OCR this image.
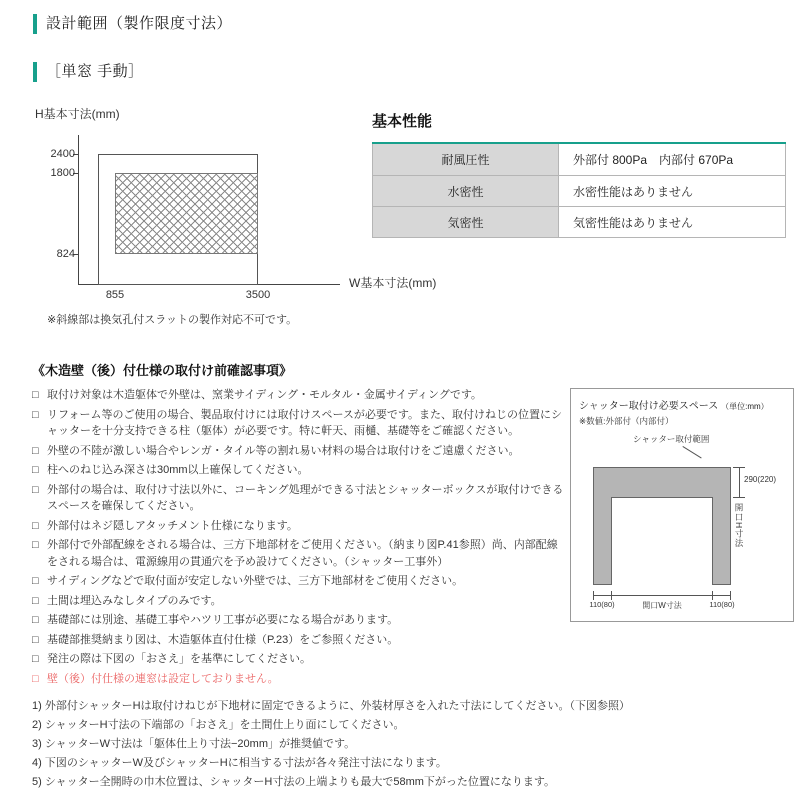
設計範囲（製作限度寸法）
［単窓 手動］
H基本寸法(mm)
2400
1800
824
855	3500
W基本寸法(mm)
※斜線部は換気孔付スラットの製作対応不可です。
基本性能
耐風圧性	外部付 800Pa　内部付 670Pa
水密性	水密性能はありません
気密性	気密性能はありません
《木造壁（後）付仕様の取付け前確認事項》
□ 取付け対象は木造躯体で外壁は、窯業サイディング・モルタル・金属サイディングです。
□ リフォーム等のご使用の場合、製品取付けには取付けスペースが必要です。また、取付けねじの位置にシャッターを十分支持できる柱（躯体）が必要です。特に軒天、雨樋、基礎等をご確認ください。
□ 外壁の不陸が激しい場合やレンガ・タイル等の割れ易い材料の場合は取付けをご遠慮ください。
□ 柱へのねじ込み深さは30mm以上確保してください。
□ 外部付の場合は、取付け寸法以外に、コーキング処理ができる寸法とシャッターボックスが取付けできるスペースを確保してください。
□ 外部付はネジ隠しアタッチメント仕様になります。
□ 外部付で外部配線をされる場合は、三方下地部材をご使用ください。（納まり図P.41参照）尚、内部配線をされる場合は、電源線用の貫通穴を予め設けてください。（シャッター工事外）
□ サイディングなどで取付面が安定しない外壁では、三方下地部材をご使用ください。
□ 土間は埋込みなしタイプのみです。
□ 基礎部には別途、基礎工事やハツリ工事が必要になる場合があります。
□ 基礎部推奨納まり図は、木造躯体直付仕様（P.23）をご参照ください。
□ 発注の際は下図の「おさえ」を基準にしてください。
□ 壁（後）付仕様の連窓は設定しておりません。
シャッター取付け必要スペース （単位:mm）
※数値:外部付（内部付）
シャッター取付範囲
290(220)
開口H寸法
110(80)	開口W寸法	110(80)
1) 外部付シャッターHは取付けねじが下地材に固定できるように、外装材厚さを入れた寸法にしてください。（下図参照）
2) シャッターH寸法の下端部の「おさえ」を土間仕上り面にしてください。
3) シャッターW寸法は「躯体仕上り寸法−20mm」が推奨値です。
4) 下図のシャッターW及びシャッターHに相当する寸法が各々発注寸法になります。
5) シャッター全開時の巾木位置は、シャッターH寸法の上端よりも最大で58mm下がった位置になります。
